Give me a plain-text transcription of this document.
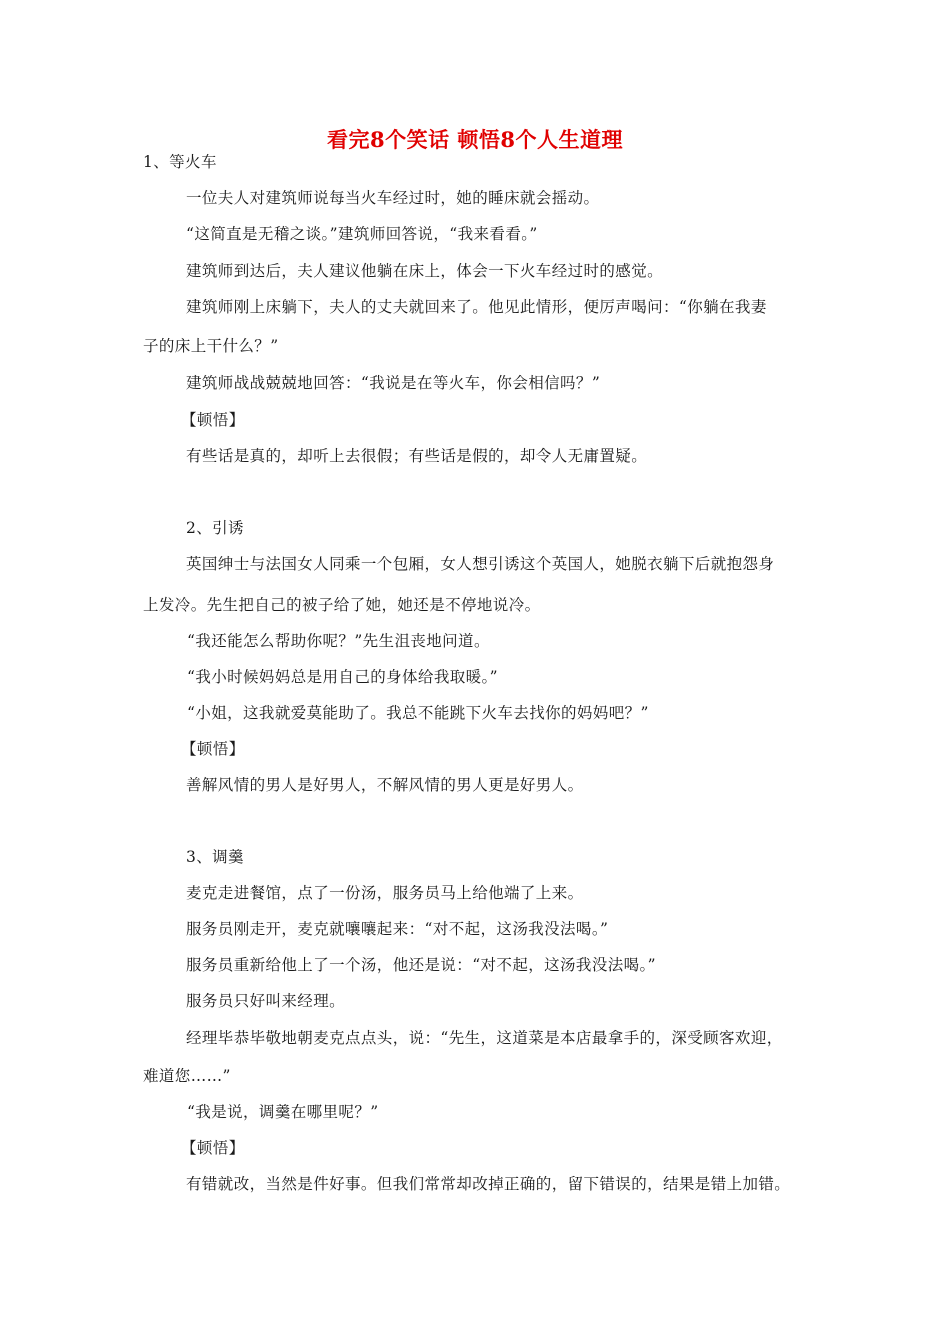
看完8个笑话 顿悟8个人生道理
1、等火车
一位夫人对建筑师说每当火车经过时，她的睡床就会摇动。
“这简直是无稽之谈。”建筑师回答说，“我来看看。”
建筑师到达后，夫人建议他躺在床上，体会一下火车经过时的感觉。
建筑师刚上床躺下，夫人的丈夫就回来了。他见此情形，便厉声喝问：“你躺在我妻
子的床上干什么？”
建筑师战战兢兢地回答：“我说是在等火车，你会相信吗？”
【顿悟】
有些话是真的，却听上去很假；有些话是假的，却令人无庸置疑。
2、引诱
英国绅士与法国女人同乘一个包厢，女人想引诱这个英国人，她脱衣躺下后就抱怨身
上发冷。先生把自己的被子给了她，她还是不停地说冷。
“我还能怎么帮助你呢？”先生沮丧地问道。
“我小时候妈妈总是用自己的身体给我取暖。”
“小姐，这我就爱莫能助了。我总不能跳下火车去找你的妈妈吧？”
【顿悟】
善解风情的男人是好男人，不解风情的男人更是好男人。
3、调羹
麦克走进餐馆，点了一份汤，服务员马上给他端了上来。
服务员刚走开，麦克就嚷嚷起来：“对不起，这汤我没法喝。”
服务员重新给他上了一个汤，他还是说：“对不起，这汤我没法喝。”
服务员只好叫来经理。
经理毕恭毕敬地朝麦克点点头，说：“先生，这道菜是本店最拿手的，深受顾客欢迎，
难道您……”
“我是说，调羹在哪里呢？”
【顿悟】
有错就改，当然是件好事。但我们常常却改掉正确的，留下错误的，结果是错上加错。
